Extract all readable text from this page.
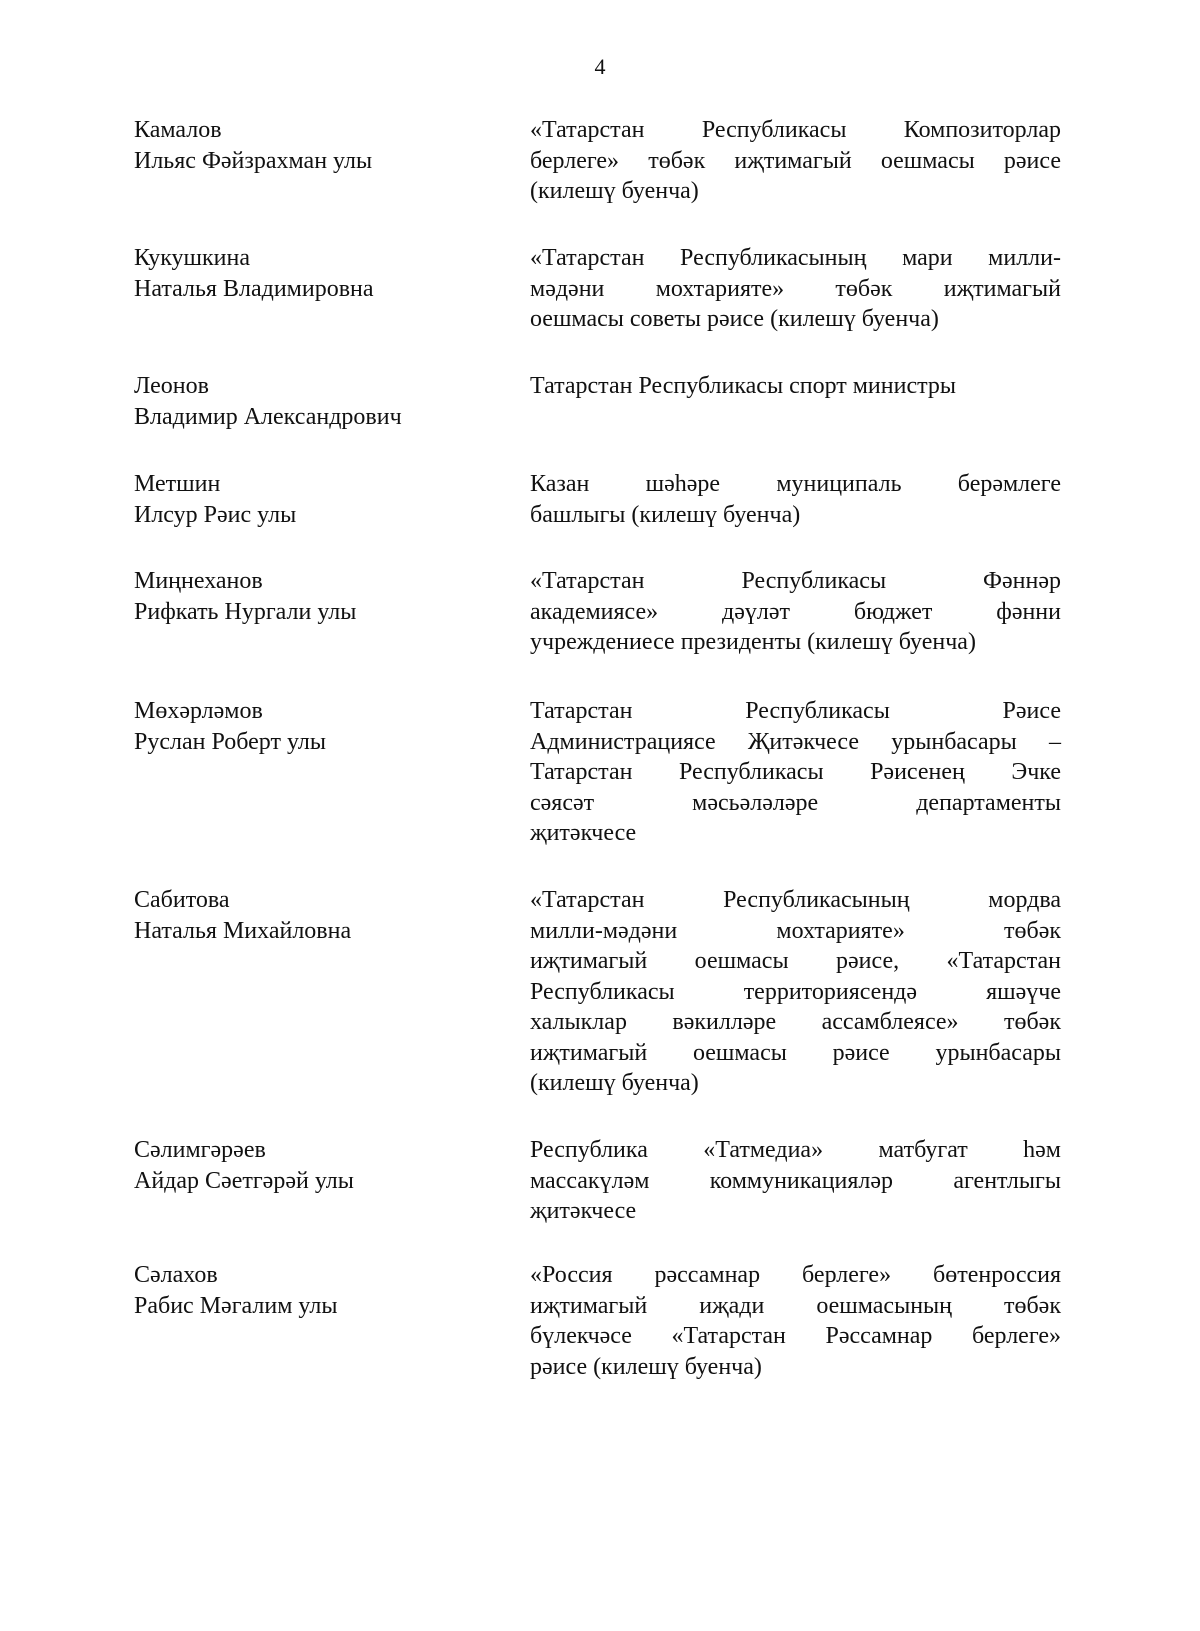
4
Камалов
Ильяс Фәйзрахман улы
«Татарстан Республикасы Композиторлар
берлеге» төбәк иҗтимагый оешмасы рәисе
(килешү буенча)
Кукушкина
Наталья Владимировна
«Татарстан Республикасының мари милли-
мәдәни мохтарияте» төбәк иҗтимагый
оешмасы советы рәисе (килешү буенча)
Леонов
Владимир Александрович
Татарстан Республикасы спорт министры
Метшин
Илсур Рәис улы
Казан шәһәре муниципаль берәмлеге
башлыгы (килешү буенча)
Миңнеханов
Рифкать Нургали улы
«Татарстан Республикасы Фәннәр
академиясе» дәүләт бюджет фәнни
учреждениесе президенты (килешү буенча)
Мөхәрләмов
Руслан Роберт улы
Татарстан Республикасы Рәисе
Администрациясе Җитәкчесе урынбасары –
Татарстан Республикасы Рәисенең Эчке
сәясәт мәсьәләләре департаменты
җитәкчесе
Сабитова
Наталья Михайловна
«Татарстан Республикасының мордва
милли-мәдәни мохтарияте» төбәк
иҗтимагый оешмасы рәисе, «Татарстан
Республикасы территориясендә яшәүче
халыклар вәкилләре ассамблеясе» төбәк
иҗтимагый оешмасы рәисе урынбасары
(килешү буенча)
Сәлимгәрәев
Айдар Сәетгәрәй улы
Республика «Татмедиа» матбугат һәм
массакүләм коммуникацияләр агентлыгы
җитәкчесе
Сәлахов
Рабис Мәгалим улы
«Россия рәссамнар берлеге» бөтенроссия
иҗтимагый иҗади оешмасының төбәк
бүлекчәсе «Татарстан Рәссамнар берлеге»
рәисе (килешү буенча)
